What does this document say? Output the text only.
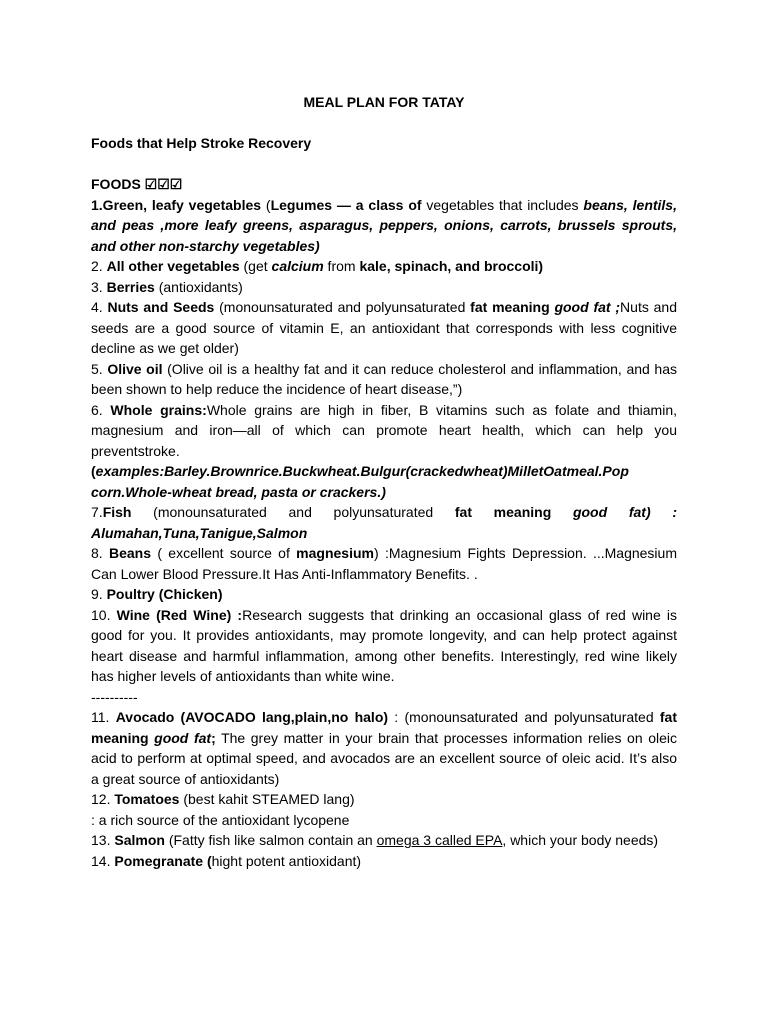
MEAL PLAN FOR TATAY

Foods that Help Stroke Recovery

FOODS ☑☑☑

1.Green, leafy vegetables (Legumes — a class of vegetables that includes beans, lentils, and peas ,more leafy greens, asparagus, peppers, onions, carrots, brussels sprouts, and other non-starchy vegetables)

2. All other vegetables (get calcium from kale, spinach, and broccoli)

3. Berries (antioxidants)

4. Nuts and Seeds (monounsaturated and polyunsaturated fat meaning good fat ;Nuts and seeds are a good source of vitamin E, an antioxidant that corresponds with less cognitive decline as we get older)

5. Olive oil (Olive oil is a healthy fat and it can reduce cholesterol and inflammation, and has been shown to help reduce the incidence of heart disease,”)

6. Whole grains:Whole grains are high in fiber, B vitamins such as folate and thiamin, magnesium and iron—all of which can promote heart health, which can help you preventstroke.

(examples:Barley.Brownrice.Buckwheat.Bulgur(crackedwheat)MilletOatmeal.Pop corn.Whole-wheat bread, pasta or crackers.)

7.Fish (monounsaturated and polyunsaturated fat meaning good fat) : Alumahan,Tuna,Tanigue,Salmon

8. Beans ( excellent source of magnesium) :Magnesium Fights Depression. ...Magnesium Can Lower Blood Pressure.It Has Anti-Inflammatory Benefits. .

9. Poultry (Chicken)

10. Wine (Red Wine) :Research suggests that drinking an occasional glass of red wine is good for you. It provides antioxidants, may promote longevity, and can help protect against heart disease and harmful inflammation, among other benefits. Interestingly, red wine likely has higher levels of antioxidants than white wine.

----------

11. Avocado (AVOCADO lang,plain,no halo) : (monounsaturated and polyunsaturated fat meaning good fat; The grey matter in your brain that processes information relies on oleic acid to perform at optimal speed, and avocados are an excellent source of oleic acid. It’s also a great source of antioxidants)

12. Tomatoes (best kahit STEAMED lang)

: a rich source of the antioxidant lycopene

13. Salmon (Fatty fish like salmon contain an omega 3 called EPA, which your body needs)

14. Pomegranate (hight potent antioxidant)
